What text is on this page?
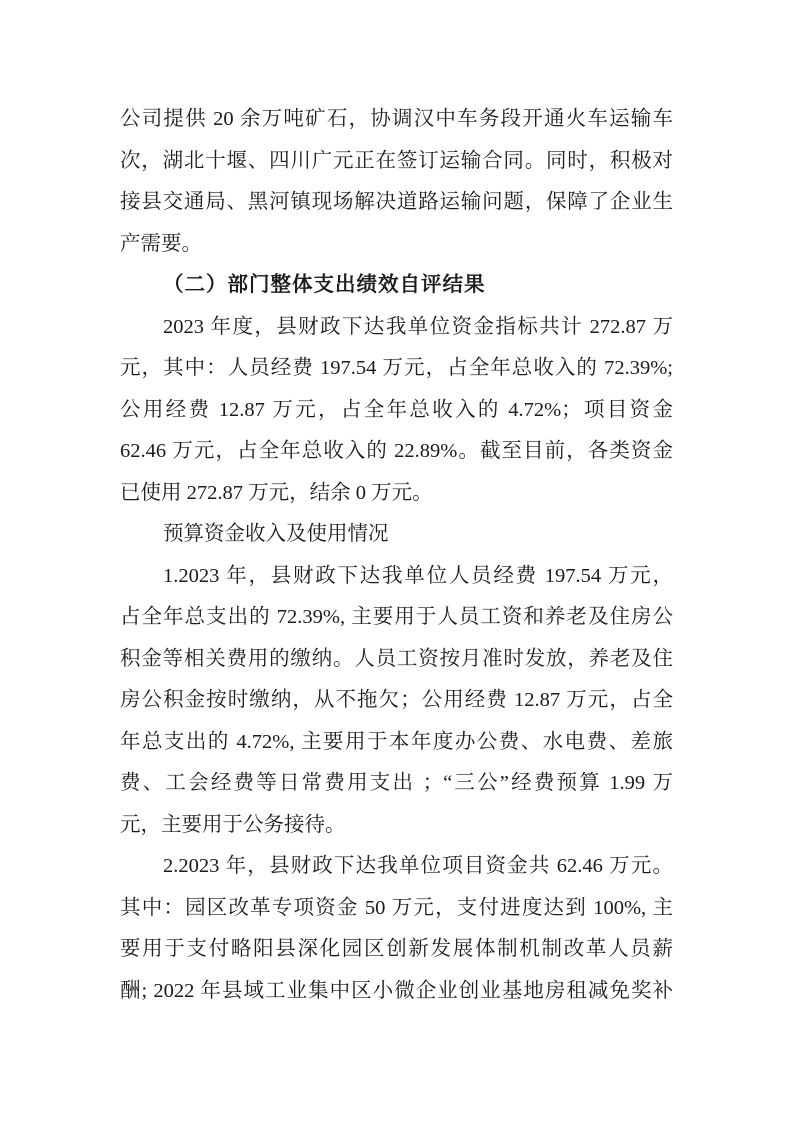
公司提供 20 余万吨矿石，协调汉中车务段开通火车运输车
次，湖北十堰、四川广元正在签订运输合同。同时，积极对
接县交通局、黑河镇现场解决道路运输问题，保障了企业生
产需要。
（二）部门整体支出绩效自评结果
2023 年度，县财政下达我单位资金指标共计 272.87 万
元，其中：人员经费 197.54 万元，占全年总收入的 72.39%;
公用经费 12.87 万元，占全年总收入的 4.72%；项目资金
62.46 万元，占全年总收入的 22.89%。截至目前，各类资金
已使用 272.87 万元，结余 0 万元。
预算资金收入及使用情况
1.2023 年，县财政下达我单位人员经费 197.54 万元，
占全年总支出的 72.39%, 主要用于人员工资和养老及住房公
积金等相关费用的缴纳。人员工资按月准时发放，养老及住
房公积金按时缴纳，从不拖欠；公用经费 12.87 万元，占全
年总支出的 4.72%, 主要用于本年度办公费、水电费、差旅
费、工会经费等日常费用支出 ；“三公”经费预算 1.99 万
元，主要用于公务接待。
2.2023 年，县财政下达我单位项目资金共 62.46 万元。
其中：园区改革专项资金 50 万元，支付进度达到 100%, 主
要用于支付略阳县深化园区创新发展体制机制改革人员薪
酬; 2022 年县域工业集中区小微企业创业基地房租减免奖补
